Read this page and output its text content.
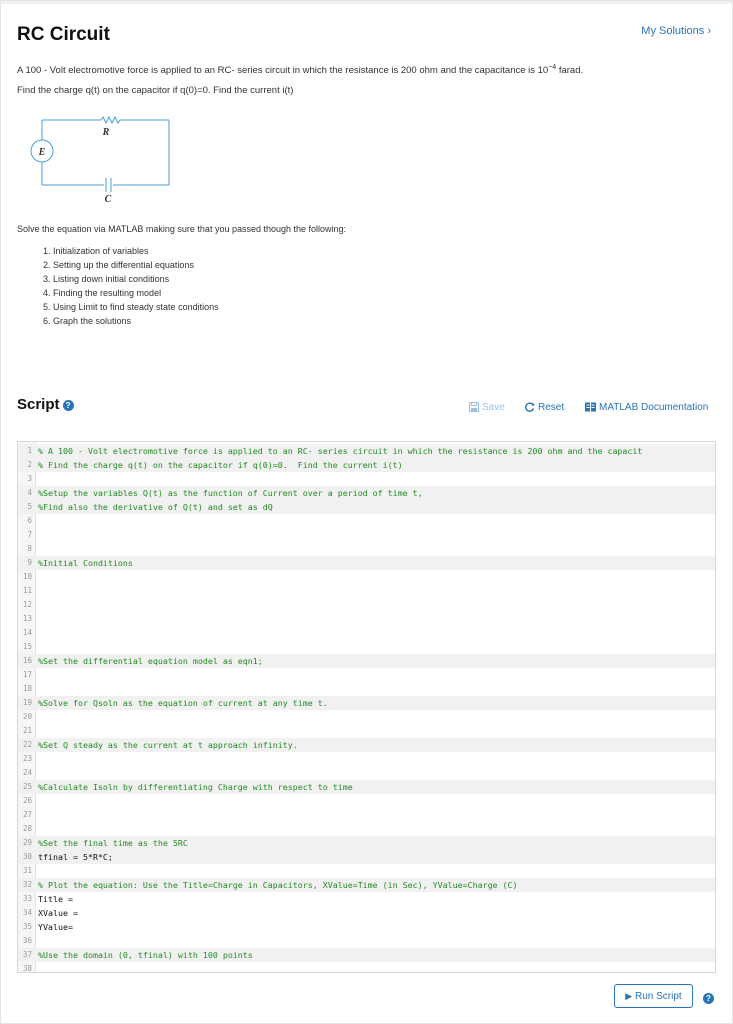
RC Circuit	My Solutions ›
A 100 - Volt electromotive force is applied to an RC- series circuit in which the resistance is 200 ohm and the capacitance is $10^{-4}$ farad.
Find the charge q(t) on the capacitor if q(0)=0. Find the current i(t)
E
R
C
Solve the equation via MATLAB making sure that you passed though the following:
1. Initialization of variables
2. Setting up the differential equations
3. Listing down initial conditions
4. Finding the resulting model
5. Using Limit to find steady state conditions
6. Graph the solutions
Script ?	Save	Reset	MATLAB Documentation
1 % A 100 - Volt electromotive force is applied to an RC- series circuit in which the resistance is 200 ohm and the capacit
2 % Find the charge q(t) on the capacitor if q(0)=0.  Find the current i(t)
3
4 %Setup the variables Q(t) as the function of Current over a period of time t,
5 %Find also the derivative of Q(t) and set as dQ
6
7
8
9 %Initial Conditions
10
11
12
13
14
15
16 %Set the differential equation model as eqn1;
17
18
19 %Solve for Qsoln as the equation of current at any time t.
20
21
22 %Set Q steady as the current at t approach infinity.
23
24
25 %Calculate Isoln by differentiating Charge with respect to time
26
27
28
29 %Set the final time as the 5RC
30 tfinal = 5*R*C;
31
32 % Plot the equation: Use the Title=Charge in Capacitors, XValue=Time (in Sec), YValue=Charge (C)
33 Title =
34 XValue =
35 YValue=
36
37 %Use the domain (0, tfinal) with 100 points
38
▶ Run Script	?
